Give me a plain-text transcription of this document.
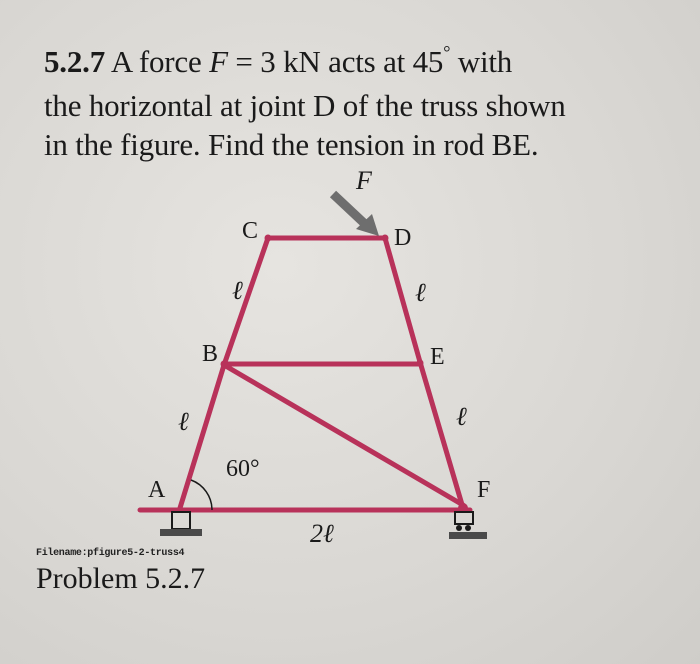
5.2.7 A force F = 3 kN acts at 45° with
the horizontal at joint D of the truss shown
in the figure. Find the tension in rod BE.
C	D
B	E
A	F
F
ℓ	ℓ
ℓ	ℓ
2ℓ
60°
Filename:pfigure5-2-truss4
Problem 5.2.7
